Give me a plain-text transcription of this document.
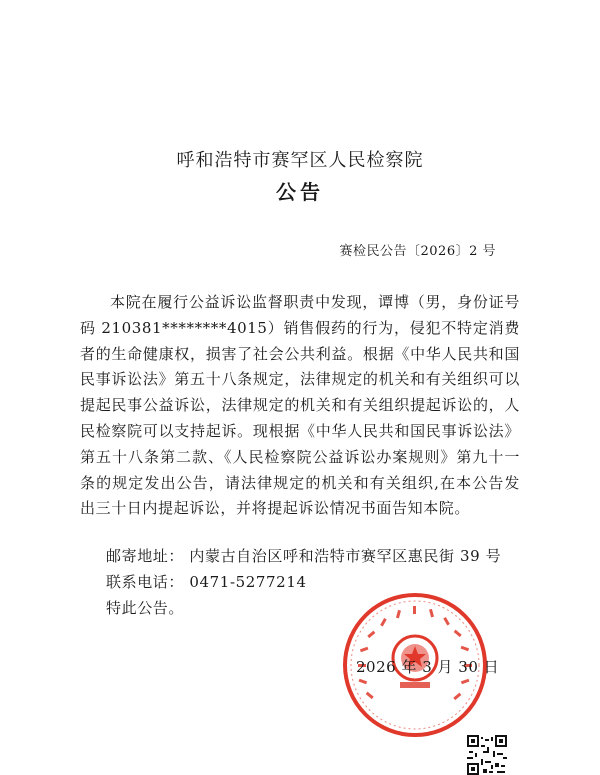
呼和浩特市赛罕区人民检察院
公告
赛检民公告〔2026〕2 号
本院在履行公益诉讼监督职责中发现，谭博（男，身份证号码 210381********4015）销售假药的行为，侵犯不特定消费者的生命健康权，损害了社会公共利益。根据《中华人民共和国民事诉讼法》第五十八条规定，法律规定的机关和有关组织可以提起民事公益诉讼，法律规定的机关和有关组织提起诉讼的，人民检察院可以支持起诉。现根据《中华人民共和国民事诉讼法》第五十八条第二款、《人民检察院公益诉讼办案规则》第九十一条的规定发出公告，请法律规定的机关和有关组织,在本公告发出三十日内提起诉讼，并将提起诉讼情况书面告知本院。
邮寄地址： 内蒙古自治区呼和浩特市赛罕区惠民街 39 号
联系电话： 0471-5277214
特此公告。
2026 年 3 月 30 日
